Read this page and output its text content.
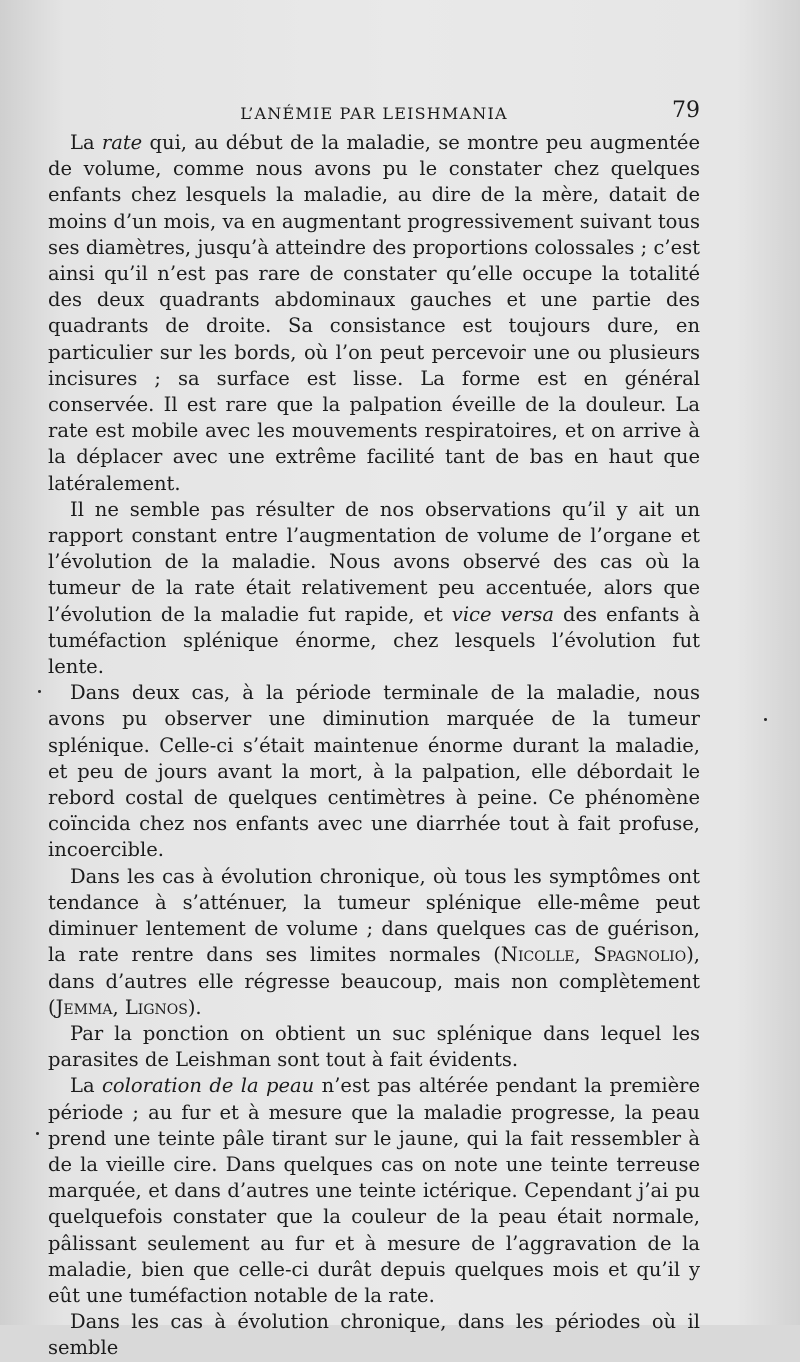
L’ANÉMIE PAR LEISHMANIA	79

La rate qui, au début de la maladie, se montre peu augmentée de volume, comme nous avons pu le constater chez quelques enfants chez lesquels la maladie, au dire de la mère, datait de moins d’un mois, va en augmentant progressivement suivant tous ses diamètres, jusqu’à atteindre des proportions colossales ; c’est ainsi qu’il n’est pas rare de constater qu’elle occupe la totalité des deux quadrants abdominaux gauches et une partie des quadrants de droite. Sa consistance est toujours dure, en particulier sur les bords, où l’on peut percevoir une ou plusieurs incisures ; sa surface est lisse. La forme est en général conservée. Il est rare que la palpation éveille de la douleur. La rate est mobile avec les mouvements respiratoires, et on arrive à la déplacer avec une extrême facilité tant de bas en haut que latéralement.

Il ne semble pas résulter de nos observations qu’il y ait un rapport constant entre l’augmentation de volume de l’organe et l’évolution de la maladie. Nous avons observé des cas où la tumeur de la rate était relativement peu accentuée, alors que l’évolution de la maladie fut rapide, et vice versa des enfants à tuméfaction splénique énorme, chez lesquels l’évolution fut lente.

Dans deux cas, à la période terminale de la maladie, nous avons pu observer une diminution marquée de la tumeur splénique. Celle-ci s’était maintenue énorme durant la maladie, et peu de jours avant la mort, à la palpation, elle débordait le rebord costal de quelques centimètres à peine. Ce phénomène coïncida chez nos enfants avec une diarrhée tout à fait profuse, incoercible.

Dans les cas à évolution chronique, où tous les symptômes ont tendance à s’atténuer, la tumeur splénique elle-même peut diminuer lentement de volume ; dans quelques cas de guérison, la rate rentre dans ses limites normales (Nicolle, Spagnolio), dans d’autres elle régresse beaucoup, mais non complètement (Jemma, Lignos).

Par la ponction on obtient un suc splénique dans lequel les parasites de Leishman sont tout à fait évidents.

La coloration de la peau n’est pas altérée pendant la première période ; au fur et à mesure que la maladie progresse, la peau prend une teinte pâle tirant sur le jaune, qui la fait ressembler à de la vieille cire. Dans quelques cas on note une teinte terreuse marquée, et dans d’autres une teinte ictérique. Cependant j’ai pu quelquefois constater que la couleur de la peau était normale, pâlissant seulement au fur et à mesure de l’aggravation de la maladie, bien que celle-ci durât depuis quelques mois et qu’il y eût une tuméfaction notable de la rate.

Dans les cas à évolution chronique, dans les périodes où il semble
